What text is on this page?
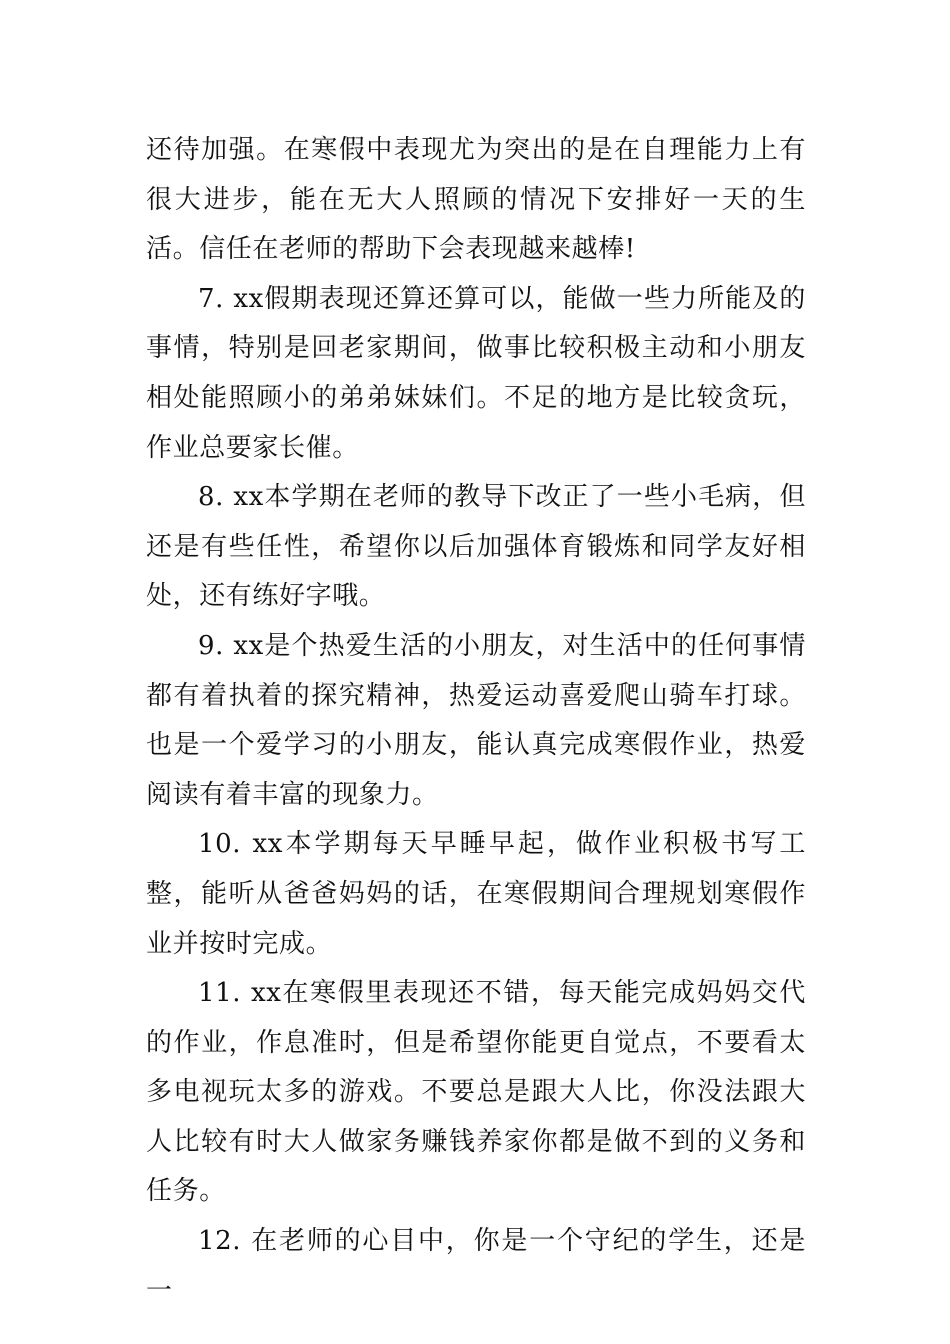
还待加强。在寒假中表现尤为突出的是在自理能力上有很大进步，能在无大人照顾的情况下安排好一天的生活。信任在老师的帮助下会表现越来越棒!

7. xx假期表现还算还算可以，能做一些力所能及的事情，特别是回老家期间，做事比较积极主动和小朋友相处能照顾小的弟弟妹妹们。不足的地方是比较贪玩，作业总要家长催。

8. xx本学期在老师的教导下改正了一些小毛病，但还是有些任性，希望你以后加强体育锻炼和同学友好相处，还有练好字哦。

9. xx是个热爱生活的小朋友，对生活中的任何事情都有着执着的探究精神，热爱运动喜爱爬山骑车打球。也是一个爱学习的小朋友，能认真完成寒假作业，热爱阅读有着丰富的现象力。

10. xx本学期每天早睡早起，做作业积极书写工整，能听从爸爸妈妈的话，在寒假期间合理规划寒假作业并按时完成。

11. xx在寒假里表现还不错，每天能完成妈妈交代的作业，作息准时，但是希望你能更自觉点，不要看太多电视玩太多的游戏。不要总是跟大人比，你没法跟大人比较有时大人做家务赚钱养家你都是做不到的义务和任务。

12. 在老师的心目中，你是一个守纪的学生，还是一
